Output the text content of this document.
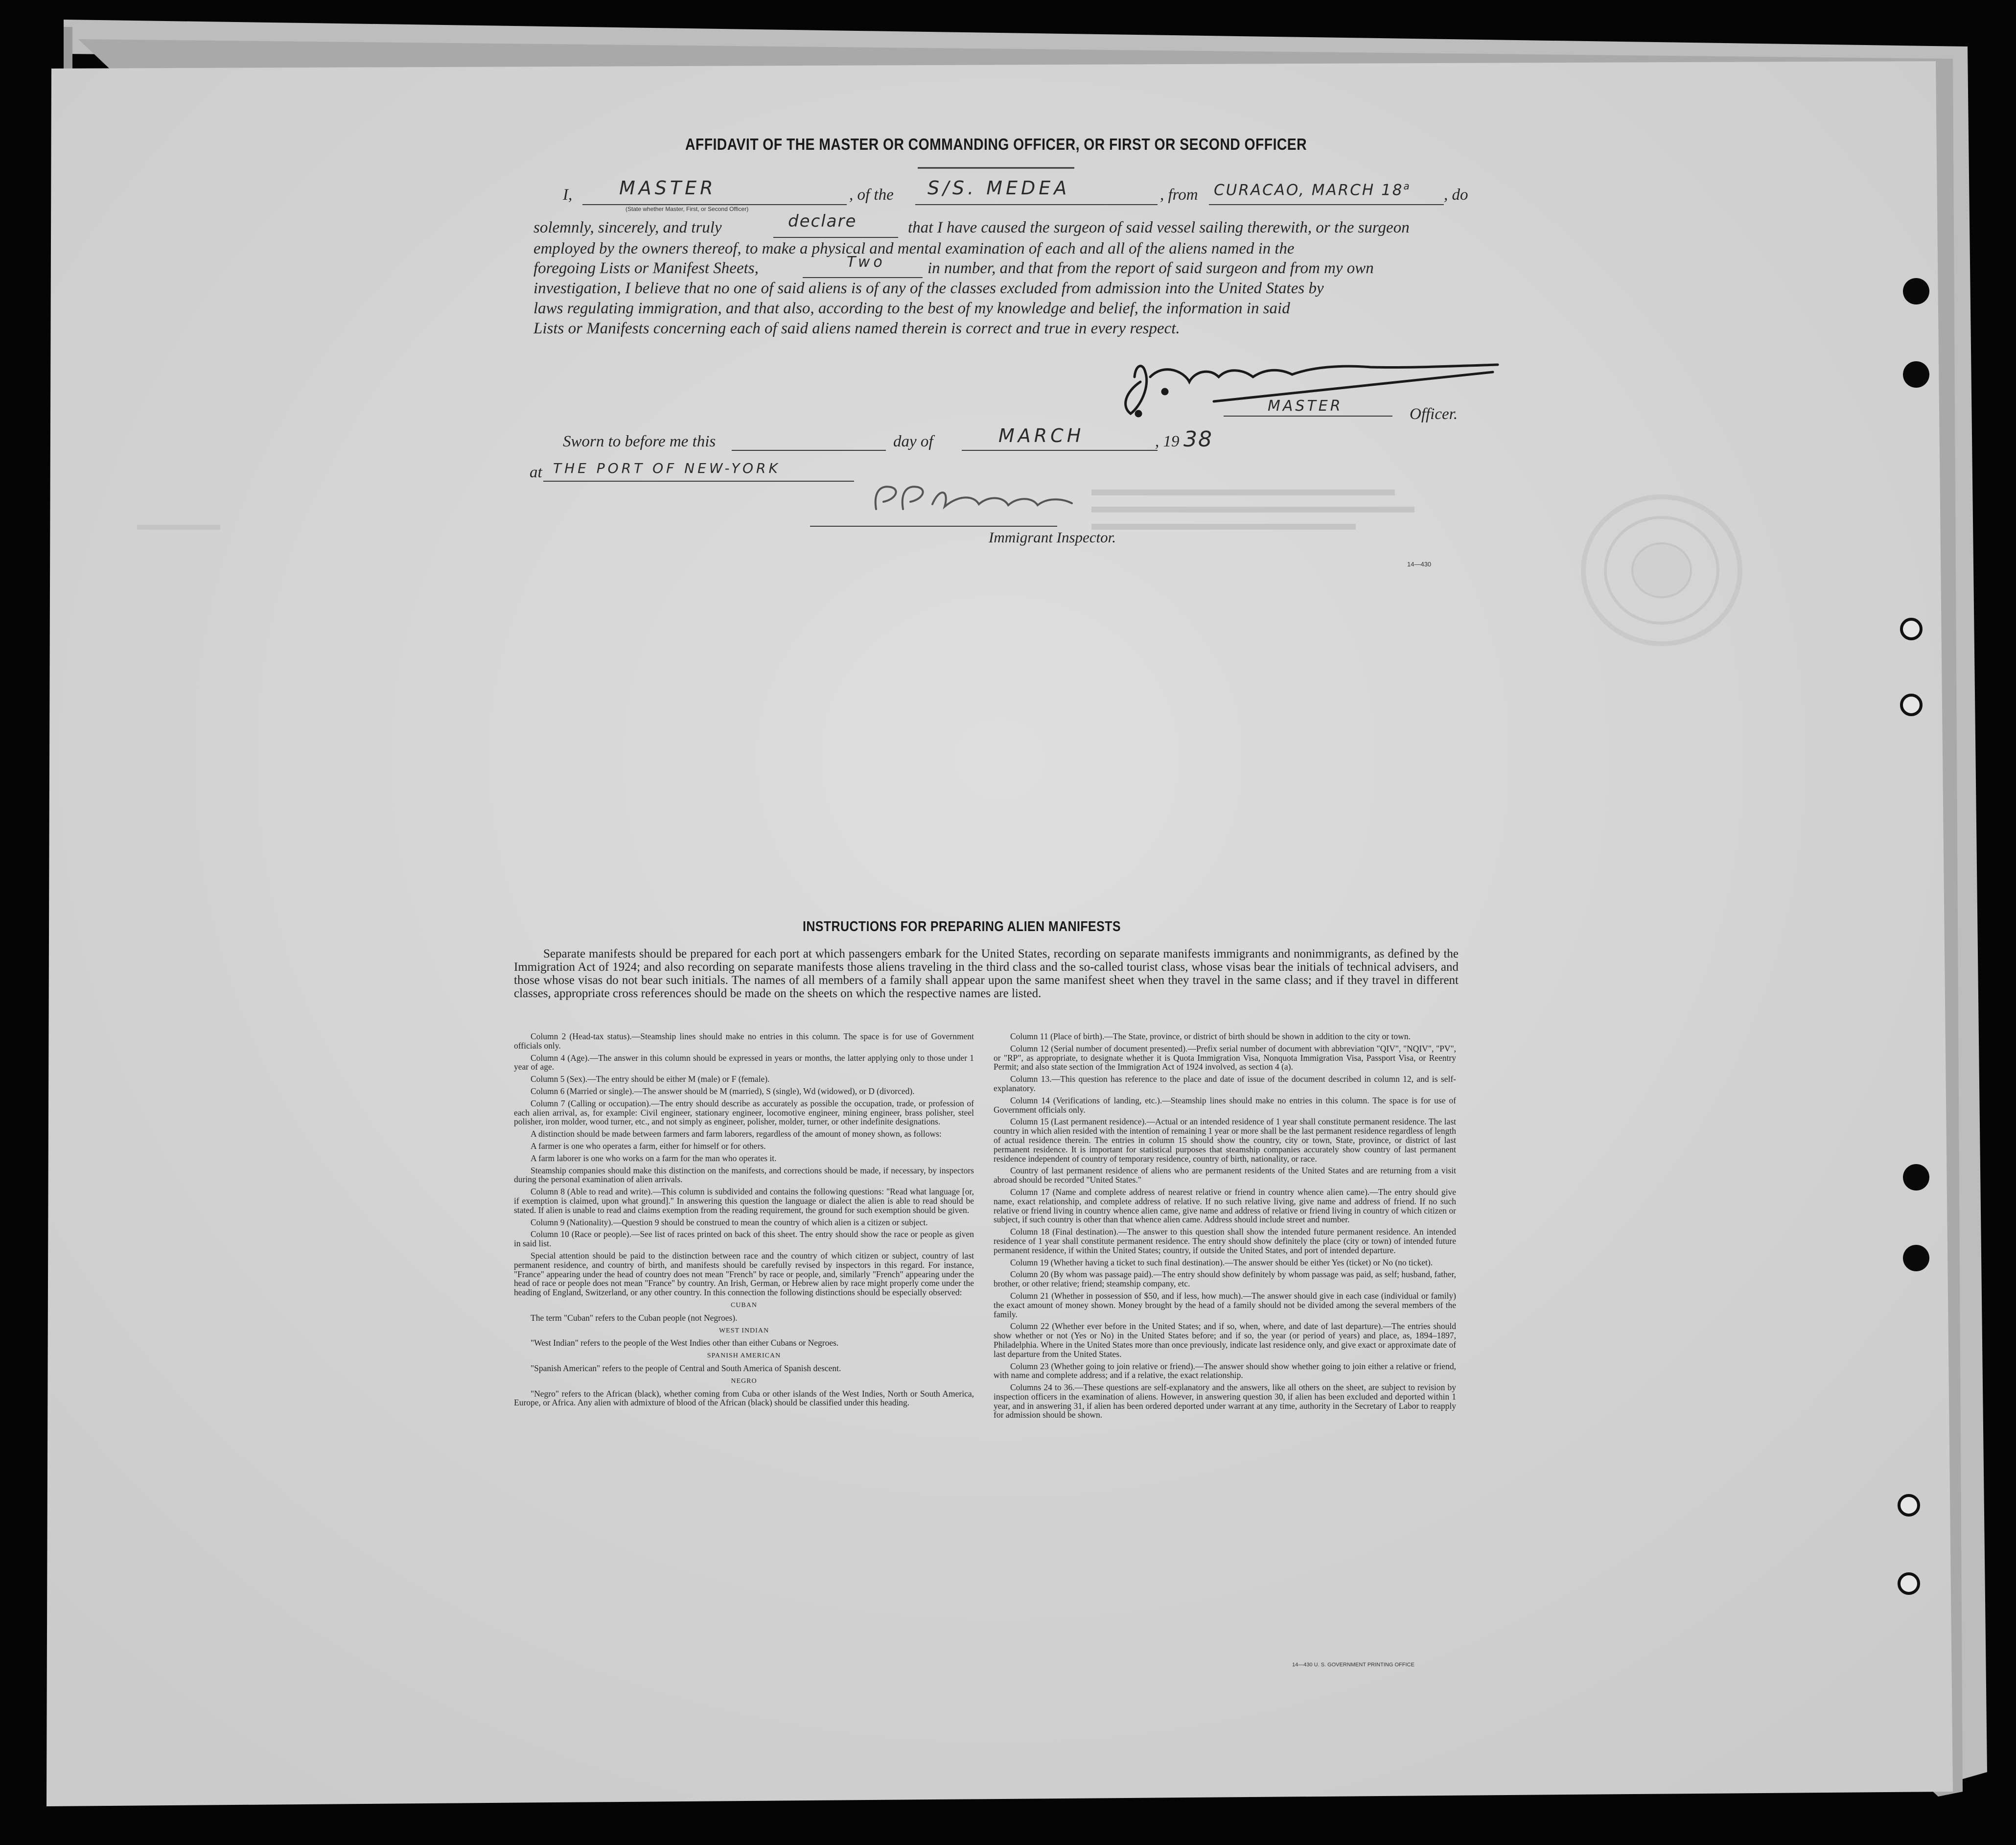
AFFIDAVIT OF THE MASTER OR COMMANDING OFFICER, OR FIRST OR SECOND OFFICER
I,	MASTER
(State whether Master, First, or Second Officer)
, of the S/S. MEDEA	, from CURACAO, MARCH 18$^a$ , do
solemnly, sincerely, and truly	declare	that I have caused the surgeon of said vessel sailing therewith, or the surgeon
employed by the owners thereof, to make a physical and mental examination of each and all of the aliens named in the
foregoing Lists or Manifest Sheets,	Two	in number, and that from the report of said surgeon and from my own
investigation, I believe that no one of said aliens is of any of the classes excluded from admission into the United States by
laws regulating immigration, and that also, according to the best of my knowledge and belief, the information in said
Lists or Manifests concerning each of said aliens named therein is correct and true in every respect.
MASTER	Officer.
Sworn to before me this	day of	MARCH	, 19 38
at THE PORT OF NEW-YORK
Immigrant Inspector.
14—430
INSTRUCTIONS FOR PREPARING ALIEN MANIFESTS

Separate manifests should be prepared for each port at which passengers embark for the United States, recording on separate manifests immigrants and nonimmigrants, as defined by the Immigration Act of 1924; and also recording on separate manifests those aliens traveling in the third class and the so-called tourist class, whose visas bear the initials of technical advisers, and those whose visas do not bear such initials. The names of all members of a family shall appear upon the same manifest sheet when they travel in the same class; and if they travel in different classes, appropriate cross references should be made on the sheets on which the respective names are listed.

Column 2 (Head-tax status).—Steamship lines should make no entries in this column. The space is for use of Government officials only.

Column 4 (Age).—The answer in this column should be expressed in years or months, the latter applying only to those under 1 year of age.

Column 5 (Sex).—The entry should be either M (male) or F (female).

Column 6 (Married or single).—The answer should be M (married), S (single), Wd (widowed), or D (divorced).

Column 7 (Calling or occupation).—The entry should describe as accurately as possible the occupation, trade, or profession of each alien arrival, as, for example: Civil engineer, stationary engineer, locomotive engineer, mining engineer, brass polisher, steel polisher, iron molder, wood turner, etc., and not simply as engineer, polisher, molder, turner, or other indefinite designations.

A distinction should be made between farmers and farm laborers, regardless of the amount of money shown, as follows:

A farmer is one who operates a farm, either for himself or for others.

A farm laborer is one who works on a farm for the man who operates it.

Steamship companies should make this distinction on the manifests, and corrections should be made, if necessary, by inspectors during the personal examination of alien arrivals.

Column 8 (Able to read and write).—This column is subdivided and contains the following questions: "Read what language [or, if exemption is claimed, upon what ground]." In answering this question the language or dialect the alien is able to read should be stated. If alien is unable to read and claims exemption from the reading requirement, the ground for such exemption should be given.

Column 9 (Nationality).—Question 9 should be construed to mean the country of which alien is a citizen or subject.

Column 10 (Race or people).—See list of races printed on back of this sheet. The entry should show the race or people as given in said list.

Special attention should be paid to the distinction between race and the country of which citizen or subject, country of last permanent residence, and country of birth, and manifests should be carefully revised by inspectors in this regard. For instance, "France" appearing under the head of country does not mean "French" by race or people, and, similarly "French" appearing under the head of race or people does not mean "France" by country. An Irish, German, or Hebrew alien by race might properly come under the heading of England, Switzerland, or any other country. In this connection the following distinctions should be especially observed:

CUBAN

The term "Cuban" refers to the Cuban people (not Negroes).

WEST INDIAN

"West Indian" refers to the people of the West Indies other than either Cubans or Negroes.

SPANISH AMERICAN

"Spanish American" refers to the people of Central and South America of Spanish descent.

NEGRO

"Negro" refers to the African (black), whether coming from Cuba or other islands of the West Indies, North or South America, Europe, or Africa. Any alien with admixture of blood of the African (black) should be classified under this heading.

Column 11 (Place of birth).—The State, province, or district of birth should be shown in addition to the city or town.

Column 12 (Serial number of document presented).—Prefix serial number of document with abbreviation "QIV", "NQIV", "PV", or "RP", as appropriate, to designate whether it is Quota Immigration Visa, Nonquota Immigration Visa, Passport Visa, or Reentry Permit; and also state section of the Immigration Act of 1924 involved, as section 4 (a).

Column 13.—This question has reference to the place and date of issue of the document described in column 12, and is self-explanatory.

Column 14 (Verifications of landing, etc.).—Steamship lines should make no entries in this column. The space is for use of Government officials only.

Column 15 (Last permanent residence).—Actual or an intended residence of 1 year shall constitute permanent residence. The last country in which alien resided with the intention of remaining 1 year or more shall be the last permanent residence regardless of length of actual residence therein. The entries in column 15 should show the country, city or town, State, province, or district of last permanent residence. It is important for statistical purposes that steamship companies accurately show country of last permanent residence independent of country of temporary residence, country of birth, nationality, or race.

Country of last permanent residence of aliens who are permanent residents of the United States and are returning from a visit abroad should be recorded "United States."

Column 17 (Name and complete address of nearest relative or friend in country whence alien came).—The entry should give name, exact relationship, and complete address of relative. If no such relative living, give name and address of friend. If no such relative or friend living in country whence alien came, give name and address of relative or friend living in country of which citizen or subject, if such country is other than that whence alien came. Address should include street and number.

Column 18 (Final destination).—The answer to this question shall show the intended future permanent residence. An intended residence of 1 year shall constitute permanent residence. The entry should show definitely the place (city or town) of intended future permanent residence, if within the United States; country, if outside the United States, and port of intended departure.

Column 19 (Whether having a ticket to such final destination).—The answer should be either Yes (ticket) or No (no ticket).

Column 20 (By whom was passage paid).—The entry should show definitely by whom passage was paid, as self; husband, father, brother, or other relative; friend; steamship company, etc.

Column 21 (Whether in possession of $50, and if less, how much).—The answer should give in each case (individual or family) the exact amount of money shown. Money brought by the head of a family should not be divided among the several members of the family.

Column 22 (Whether ever before in the United States; and if so, when, where, and date of last departure).—The entries should show whether or not (Yes or No) in the United States before; and if so, the year (or period of years) and place, as, 1894–1897, Philadelphia. Where in the United States more than once previously, indicate last residence only, and give exact or approximate date of last departure from the United States.

Column 23 (Whether going to join relative or friend).—The answer should show whether going to join either a relative or friend, with name and complete address; and if a relative, the exact relationship.

Columns 24 to 36.—These questions are self-explanatory and the answers, like all others on the sheet, are subject to revision by inspection officers in the examination of aliens. However, in answering question 30, if alien has been excluded and deported within 1 year, and in answering 31, if alien has been ordered deported under warrant at any time, authority in the Secretary of Labor to reapply for admission should be shown.

14—430 U. S. GOVERNMENT PRINTING OFFICE
